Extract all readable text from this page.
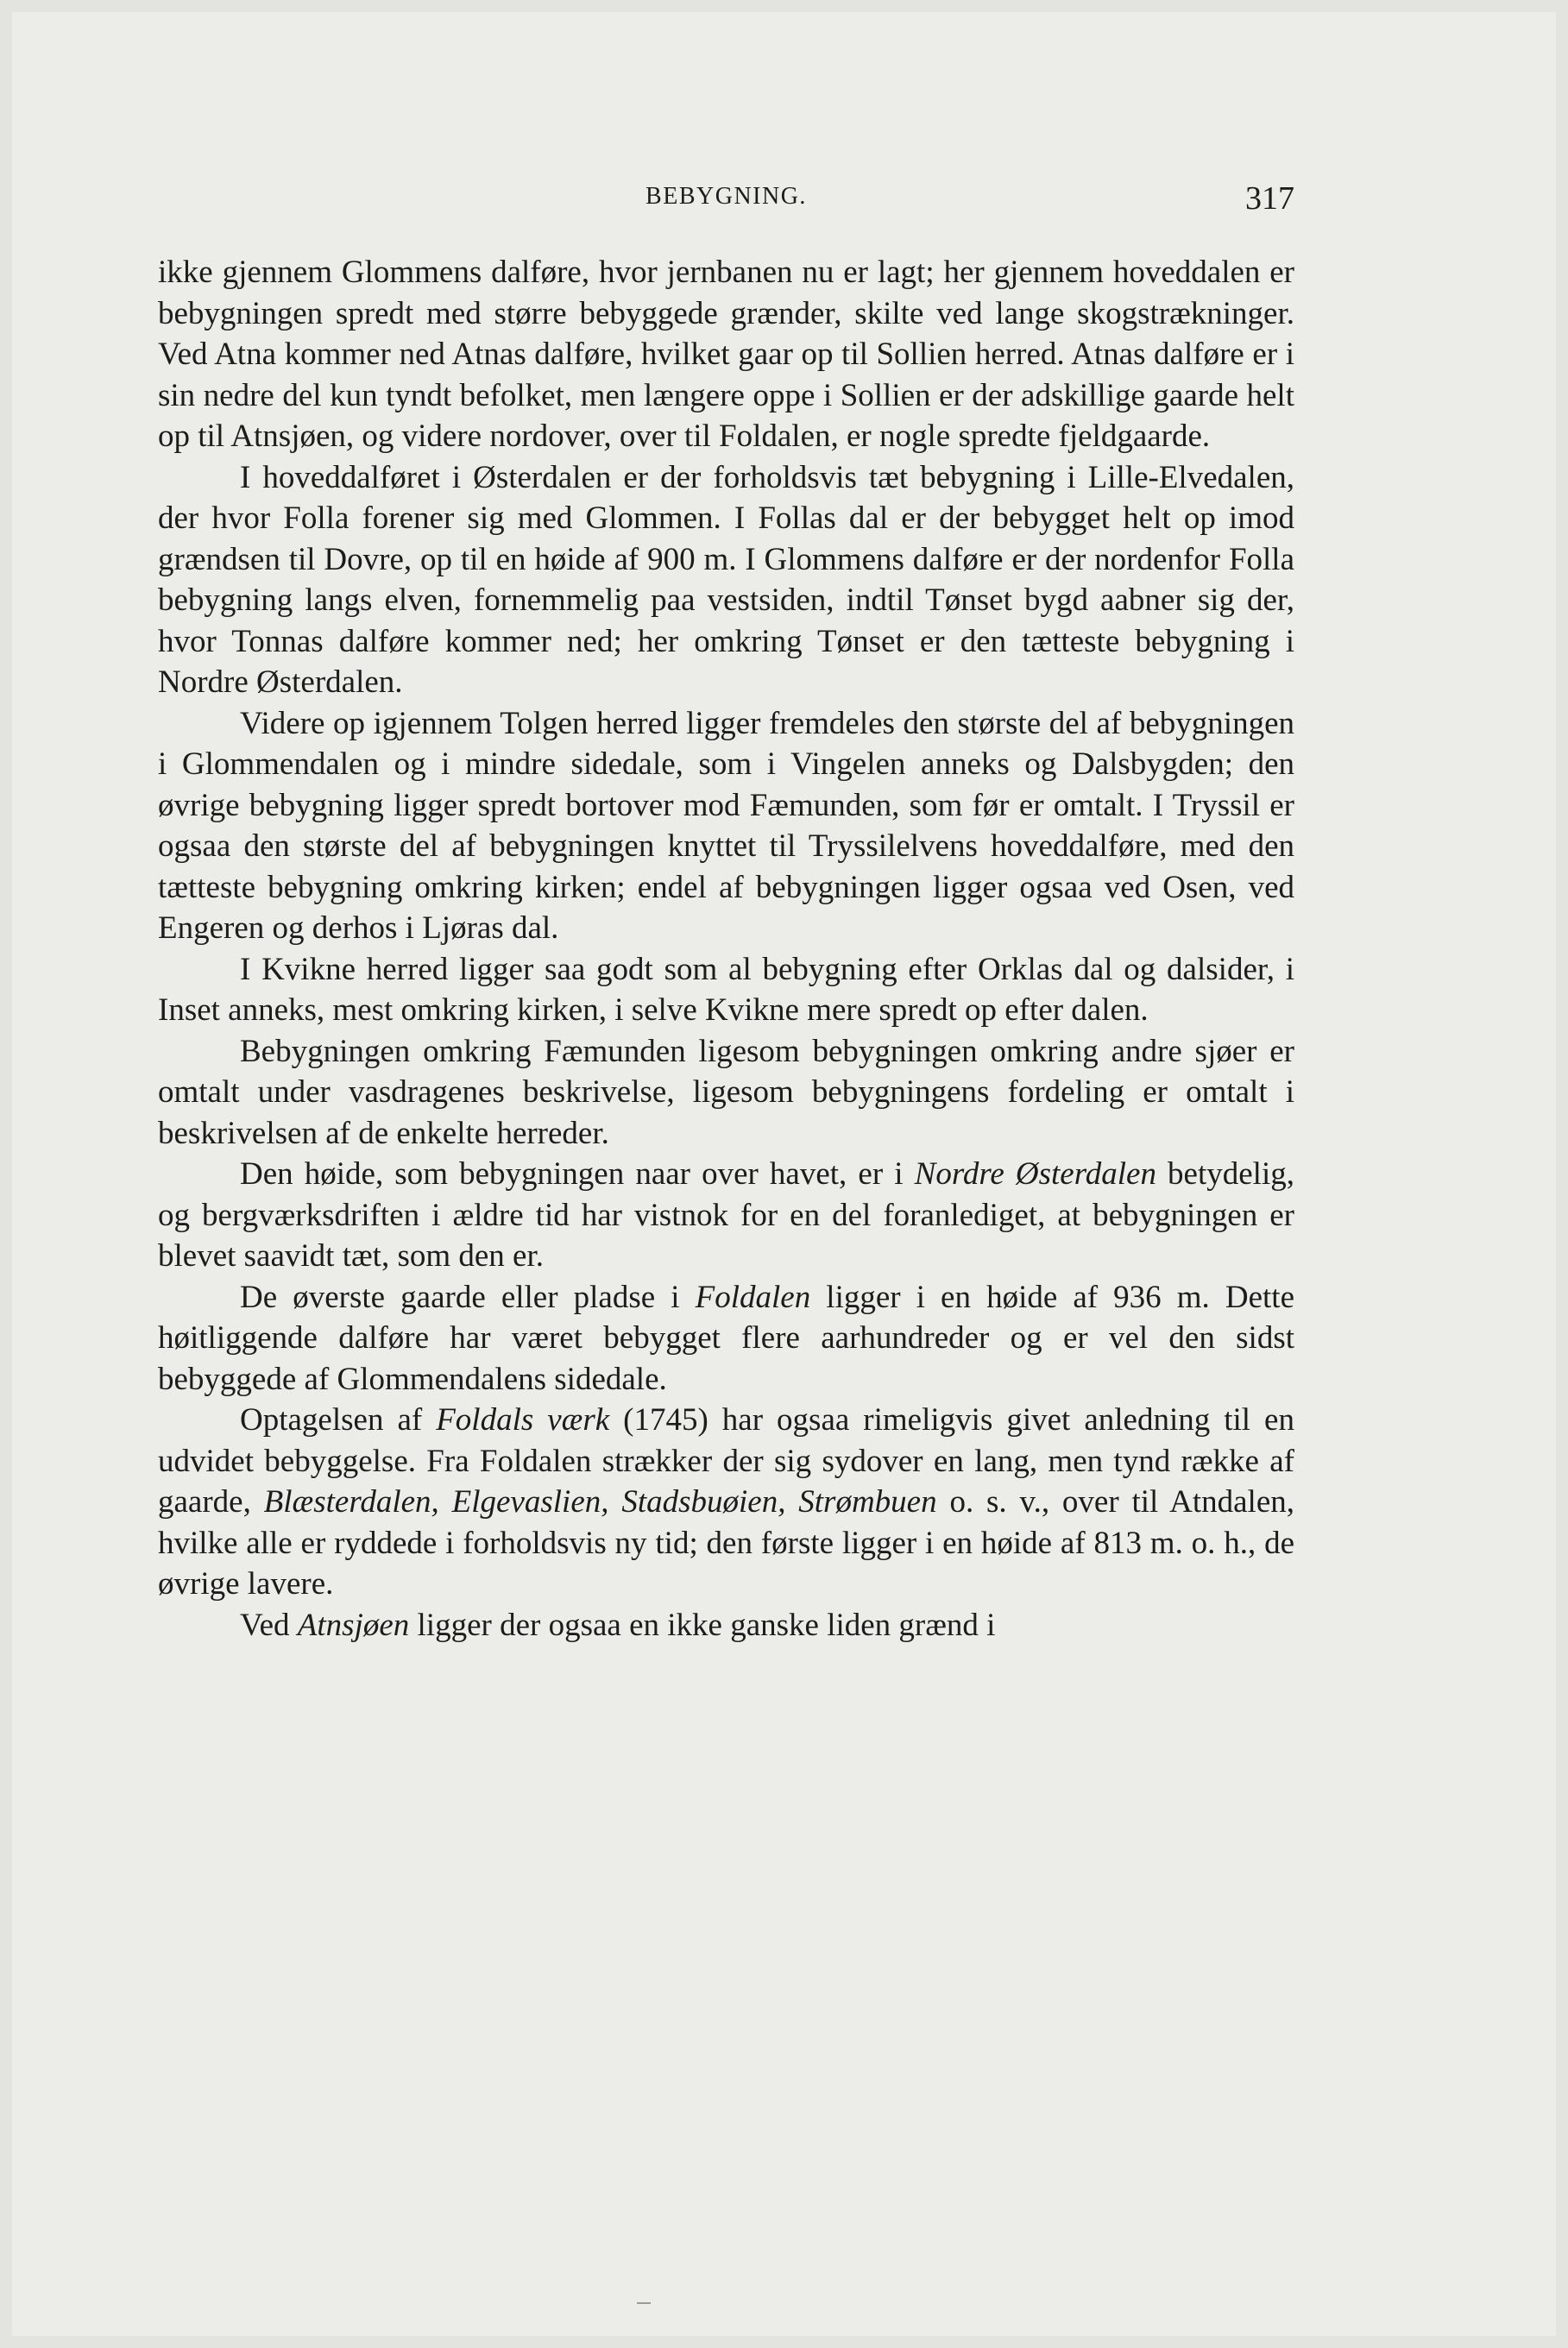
BEBYGNING.	317

ikke gjennem Glommens dalføre, hvor jernbanen nu er lagt; her gjennem hoveddalen er bebygningen spredt med større bebyggede grænder, skilte ved lange skogstrækninger. Ved Atna kommer ned Atnas dalføre, hvilket gaar op til Sollien herred. Atnas dalføre er i sin nedre del kun tyndt befolket, men længere oppe i Sollien er der adskillige gaarde helt op til Atnsjøen, og videre nordover, over til Foldalen, er nogle spredte fjeldgaarde.

I hoveddalføret i Østerdalen er der forholdsvis tæt bebygning i Lille-Elvedalen, der hvor Folla forener sig med Glommen. I Follas dal er der bebygget helt op imod grændsen til Dovre, op til en høide af 900 m. I Glommens dalføre er der nordenfor Folla bebygning langs elven, fornemmelig paa vestsiden, indtil Tønset bygd aabner sig der, hvor Tonnas dalføre kommer ned; her omkring Tønset er den tætteste bebygning i Nordre Østerdalen.

Videre op igjennem Tolgen herred ligger fremdeles den største del af bebygningen i Glommendalen og i mindre sidedale, som i Vingelen anneks og Dalsbygden; den øvrige bebygning ligger spredt bortover mod Fæmunden, som før er omtalt. I Tryssil er ogsaa den største del af bebygningen knyttet til Tryssilelvens hoveddalføre, med den tætteste bebygning omkring kirken; endel af bebygningen ligger ogsaa ved Osen, ved Engeren og derhos i Ljøras dal.

I Kvikne herred ligger saa godt som al bebygning efter Orklas dal og dalsider, i Inset anneks, mest omkring kirken, i selve Kvikne mere spredt op efter dalen.

Bebygningen omkring Fæmunden ligesom bebygningen omkring andre sjøer er omtalt under vasdragenes beskrivelse, ligesom bebygningens fordeling er omtalt i beskrivelsen af de enkelte herreder.

Den høide, som bebygningen naar over havet, er i Nordre Østerdalen betydelig, og bergværksdriften i ældre tid har vistnok for en del foranlediget, at bebygningen er blevet saavidt tæt, som den er.

De øverste gaarde eller pladse i Foldalen ligger i en høide af 936 m. Dette høitliggende dalføre har været bebygget flere aarhundreder og er vel den sidst bebyggede af Glommendalens sidedale.

Optagelsen af Foldals værk (1745) har ogsaa rimeligvis givet anledning til en udvidet bebyggelse. Fra Foldalen strækker der sig sydover en lang, men tynd række af gaarde, Blæsterdalen, Elgevaslien, Stadsbuøien, Strømbuen o. s. v., over til Atndalen, hvilke alle er ryddede i forholdsvis ny tid; den første ligger i en høide af 813 m. o. h., de øvrige lavere.

Ved Atnsjøen ligger der ogsaa en ikke ganske liden grænd i
